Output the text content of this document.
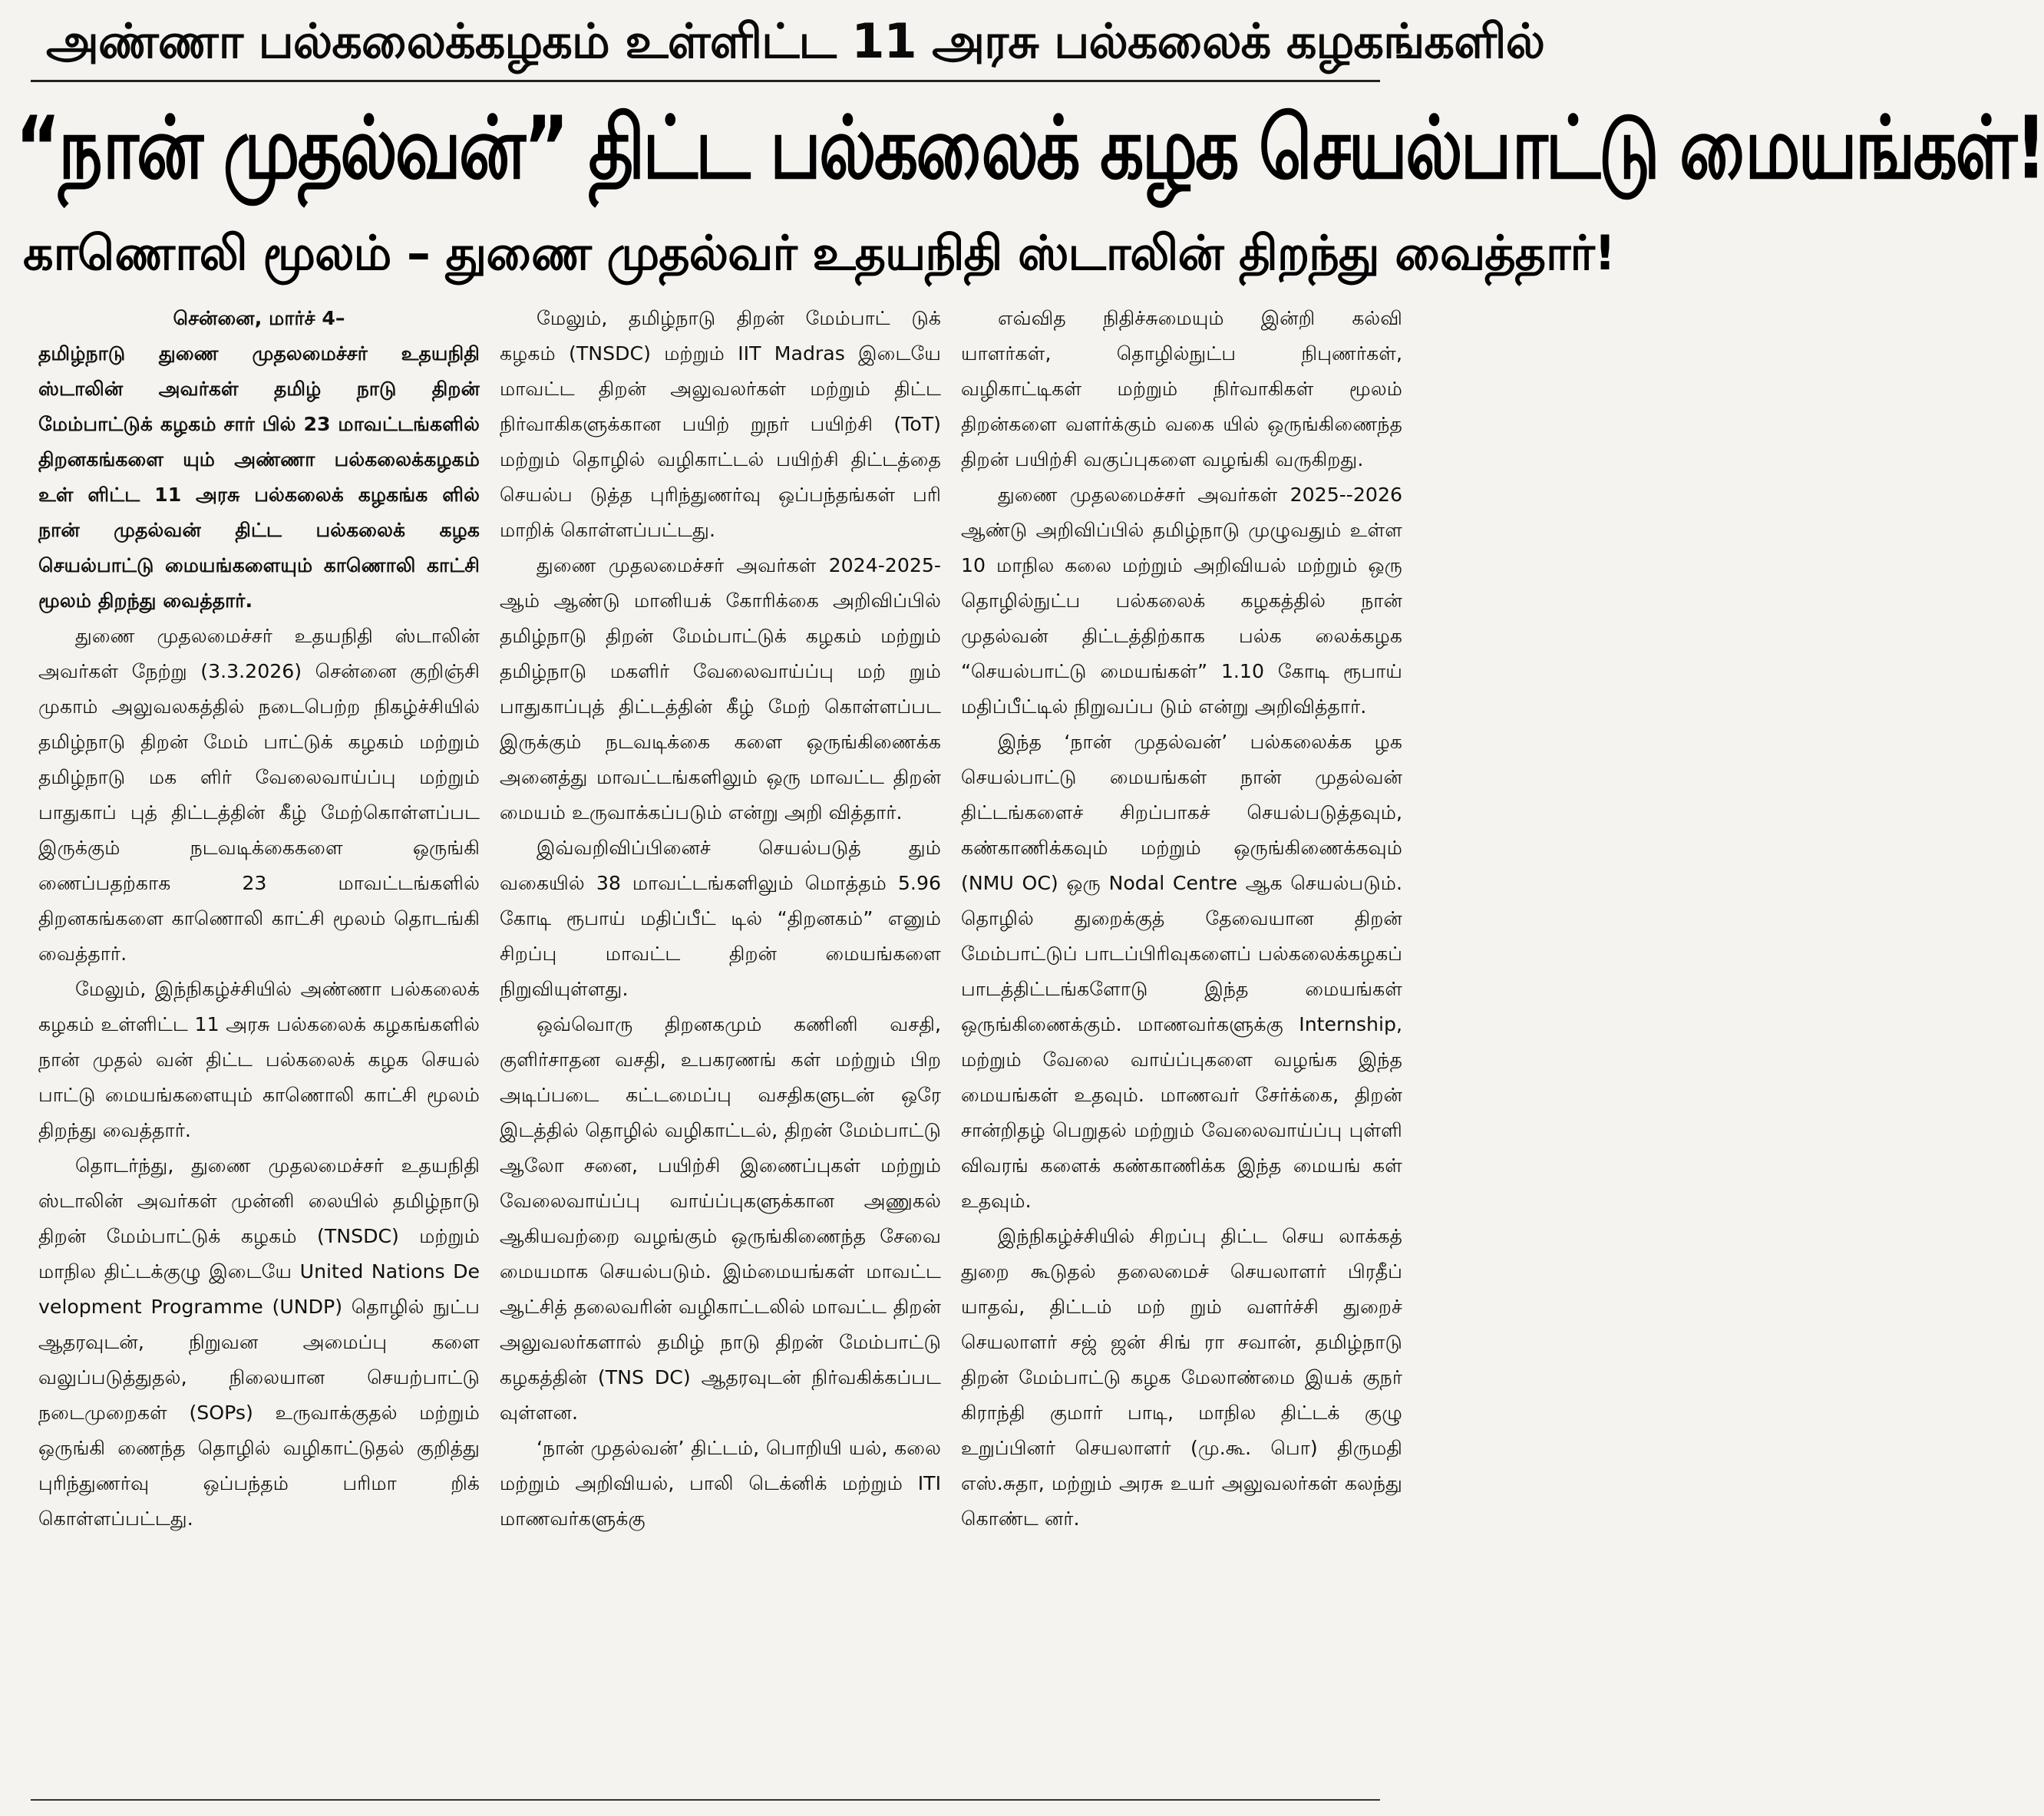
அண்ணா பல்கலைக்கழகம் உள்ளிட்ட 11 அரசு பல்கலைக் கழகங்களில்
“நான் முதல்வன்” திட்ட பல்கலைக் கழக செயல்பாட்டு மையங்கள்!
காணொலி மூலம் – துணை முதல்வர் உதயநிதி ஸ்டாலின் திறந்து வைத்தார்!

சென்னை, மார்ச் 4–
தமிழ்நாடு துணை முதலமைச்சர் உதயநிதி ஸ்டாலின் அவர்கள் தமிழ் நாடு திறன் மேம்பாட்டுக் கழகம் சார் பில் 23 மாவட்டங்களில் திறனகங்களை யும் அண்ணா பல்கலைக்கழகம் உள் ளிட்ட 11 அரசு பல்கலைக் கழகங்க ளில் நான் முதல்வன் திட்ட பல்கலைக் கழக செயல்பாட்டு மையங்களையும் காணொலி காட்சி மூலம் திறந்து வைத்தார்.

துணை முதலமைச்சர் உதயநிதி ஸ்டாலின் அவர்கள் நேற்று (3.3.2026) சென்னை குறிஞ்சி முகாம் அலுவலகத்தில் நடைபெற்ற நிகழ்ச்சியில் தமிழ்நாடு திறன் மேம் பாட்டுக் கழகம் மற்றும் தமிழ்நாடு மக ளிர் வேலைவாய்ப்பு மற்றும் பாதுகாப் புத் திட்டத்தின் கீழ் மேற்கொள்ளப்பட இருக்கும் நடவடிக்கைகளை ஒருங்கி ணைப்பதற்காக 23 மாவட்டங்களில் திறனகங்களை காணொலி காட்சி மூலம் தொடங்கி வைத்தார்.

மேலும், இந்நிகழ்ச்சியில் அண்ணா பல்கலைக் கழகம் உள்ளிட்ட 11 அரசு பல்கலைக் கழகங்களில் நான் முதல் வன் திட்ட பல்கலைக் கழக செயல் பாட்டு மையங்களையும் காணொலி காட்சி மூலம் திறந்து வைத்தார்.

தொடர்ந்து, துணை முதலமைச்சர் உதயநிதி ஸ்டாலின் அவர்கள் முன்னி லையில் தமிழ்நாடு திறன் மேம்பாட்டுக் கழகம் (TNSDC) மற்றும் மாநில திட்டக்குழு இடையே United Nations De velopment Programme (UNDP) தொழில் நுட்ப ஆதரவுடன், நிறுவன அமைப்பு களை வலுப்படுத்துதல், நிலையான செயற்பாட்டு நடைமுறைகள் (SOPs) உருவாக்குதல் மற்றும் ஒருங்கி ணைந்த தொழில் வழிகாட்டுதல் குறித்து புரிந்துணர்வு ஒப்பந்தம் பரிமா றிக் கொள்ளப்பட்டது.

மேலும், தமிழ்நாடு திறன் மேம்பாட் டுக் கழகம் (TNSDC) மற்றும் IIT Madras இடையே மாவட்ட திறன் அலுவலர்கள் மற்றும் திட்ட நிர்வாகிகளுக்கான பயிற் றுநர் பயிற்சி (ToT) மற்றும் தொழில் வழிகாட்டல் பயிற்சி திட்டத்தை செயல்ப டுத்த புரிந்துணர்வு ஒப்பந்தங்கள் பரி மாறிக் கொள்ளப்பட்டது.

துணை முதலமைச்சர் அவர்கள் 2024-2025-ஆம் ஆண்டு மானியக் கோரிக்கை அறிவிப்பில் தமிழ்நாடு திறன் மேம்பாட்டுக் கழகம் மற்றும் தமிழ்நாடு மகளிர் வேலைவாய்ப்பு மற் றும் பாதுகாப்புத் திட்டத்தின் கீழ் மேற் கொள்ளப்பட இருக்கும் நடவடிக்கை களை ஒருங்கிணைக்க அனைத்து மாவட்டங்களிலும் ஒரு மாவட்ட திறன் மையம் உருவாக்கப்படும் என்று அறி வித்தார்.

இவ்வறிவிப்பினைச் செயல்படுத் தும் வகையில் 38 மாவட்டங்களிலும் மொத்தம் 5.96 கோடி ரூபாய் மதிப்பீட் டில் “திறனகம்” எனும் சிறப்பு மாவட்ட திறன் மையங்களை நிறுவியுள்ளது.

ஒவ்வொரு திறனகமும் கணினி வசதி, குளிர்சாதன வசதி, உபகரணங் கள் மற்றும் பிற அடிப்படை கட்டமைப்பு வசதிகளுடன் ஒரே இடத்தில் தொழில் வழிகாட்டல், திறன் மேம்பாட்டு ஆலோ சனை, பயிற்சி இணைப்புகள் மற்றும் வேலைவாய்ப்பு வாய்ப்புகளுக்கான அணுகல் ஆகியவற்றை வழங்கும் ஒருங்கிணைந்த சேவை மையமாக செயல்படும். இம்மையங்கள் மாவட்ட ஆட்சித் தலைவரின் வழிகாட்டலில் மாவட்ட திறன் அலுவலர்களால் தமிழ் நாடு திறன் மேம்பாட்டு கழகத்தின் (TNS DC) ஆதரவுடன் நிர்வகிக்கப்பட வுள்ளன.

‘நான் முதல்வன்’ திட்டம், பொறியி யல், கலை மற்றும் அறிவியல், பாலி டெக்னிக் மற்றும் ITI மாணவர்களுக்கு

எவ்வித நிதிச்சுமையும் இன்றி கல்வி யாளர்கள், தொழில்நுட்ப நிபுணர்கள், வழிகாட்டிகள் மற்றும் நிர்வாகிகள் மூலம் திறன்களை வளர்க்கும் வகை யில் ஒருங்கிணைந்த திறன் பயிற்சி வகுப்புகளை வழங்கி வருகிறது.

துணை முதலமைச்சர் அவர்கள் 2025--2026 ஆண்டு அறிவிப்பில் தமிழ்நாடு முழுவதும் உள்ள 10 மாநில கலை மற்றும் அறிவியல் மற்றும் ஒரு தொழில்நுட்ப பல்கலைக் கழகத்தில் நான் முதல்வன் திட்டத்திற்காக பல்க லைக்கழக “செயல்பாட்டு மையங்கள்” 1.10 கோடி ரூபாய் மதிப்பீட்டில் நிறுவப்ப டும் என்று அறிவித்தார்.

இந்த ‘நான் முதல்வன்’ பல்கலைக்க ழக செயல்பாட்டு மையங்கள் நான் முதல்வன் திட்டங்களைச் சிறப்பாகச் செயல்படுத்தவும், கண்காணிக்கவும் மற்றும் ஒருங்கிணைக்கவும் (NMU OC) ஒரு Nodal Centre ஆக செயல்படும். தொழில் துறைக்குத் தேவையான திறன் மேம்பாட்டுப் பாடப்பிரிவுகளைப் பல்கலைக்கழகப் பாடத்திட்டங்களோடு இந்த மையங்கள் ஒருங்கிணைக்கும். மாணவர்களுக்கு Internship, மற்றும் வேலை வாய்ப்புகளை வழங்க இந்த மையங்கள் உதவும். மாணவர் சேர்க்கை, திறன் சான்றிதழ் பெறுதல் மற்றும் வேலைவாய்ப்பு புள்ளி விவரங் களைக் கண்காணிக்க இந்த மையங் கள் உதவும்.

இந்நிகழ்ச்சியில் சிறப்பு திட்ட செய லாக்கத் துறை கூடுதல் தலைமைச் செயலாளர் பிரதீப் யாதவ், திட்டம் மற் றும் வளர்ச்சி துறைச் செயலாளர் சஜ் ஜன் சிங் ரா சவான், தமிழ்நாடு திறன் மேம்பாட்டு கழக மேலாண்மை இயக் குநர் கிராந்தி குமார் பாடி, மாநில திட்டக் குழு உறுப்பினர் செயலாளர் (மு.கூ. பொ) திருமதி எஸ்.சுதா, மற்றும் அரசு உயர் அலுவலர்கள் கலந்து கொண்ட னர்.
